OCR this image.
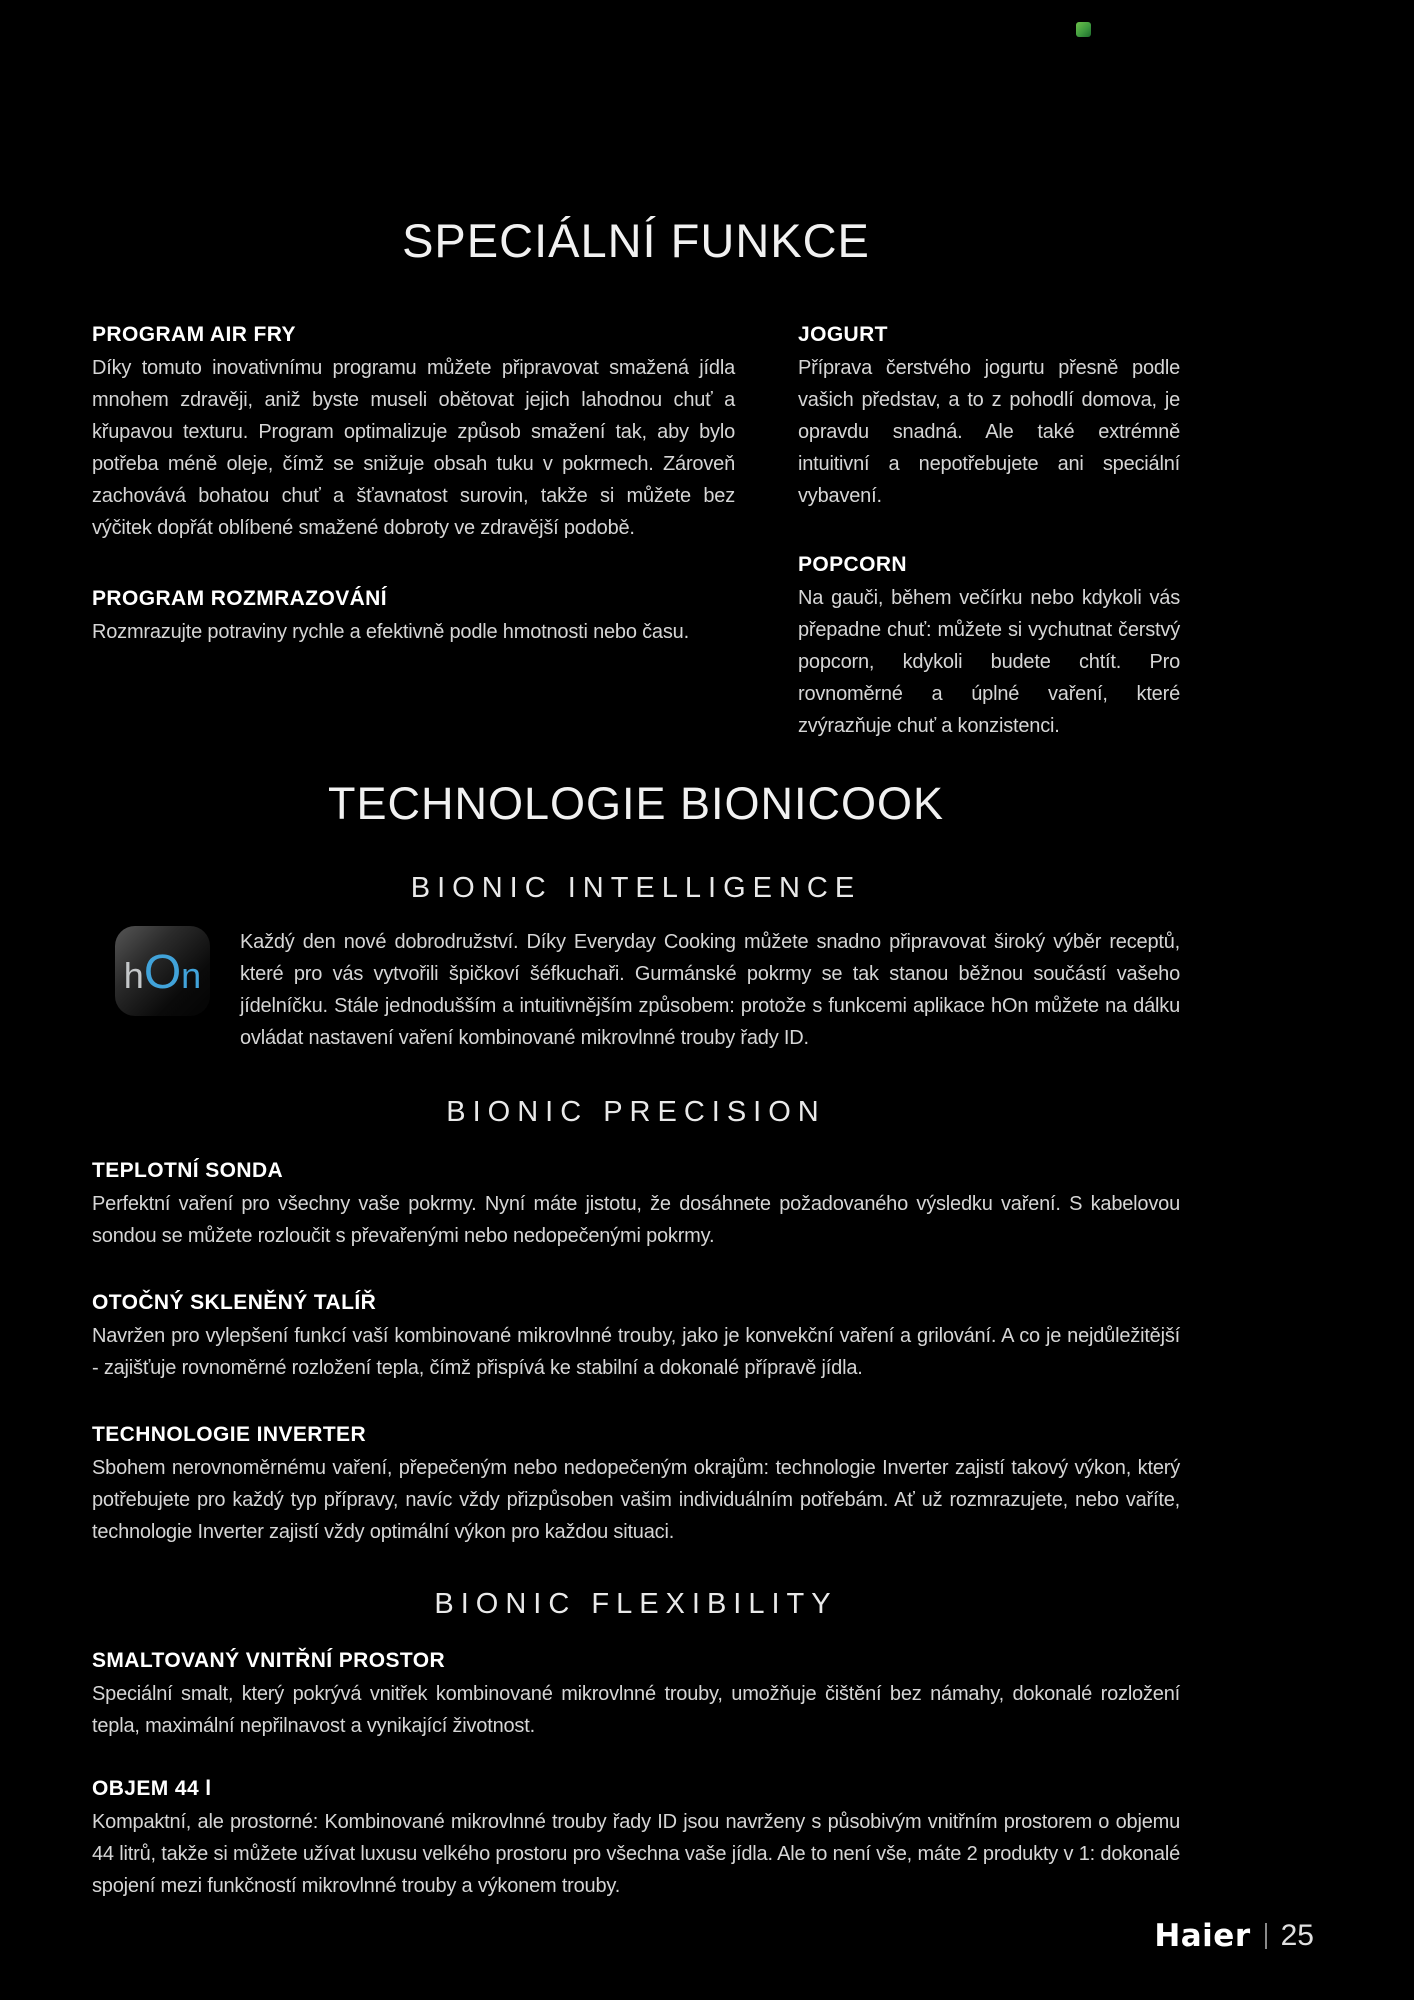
SPECIÁLNÍ FUNKCE
PROGRAM AIR FRY

Díky tomuto inovativnímu programu můžete připravovat smažená jídla mnohem zdravěji, aniž byste museli obětovat jejich lahodnou chuť a křupavou texturu. Program optimalizuje způsob smažení tak, aby bylo potřeba méně oleje, čímž se snižuje obsah tuku v pokrmech. Zároveň zachovává bohatou chuť a šťavnatost surovin, takže si můžete bez výčitek dopřát oblíbené smažené dobroty ve zdravější podobě.

PROGRAM ROZMRAZOVÁNÍ

Rozmrazujte potraviny rychle a efektivně podle hmotnosti nebo času.

JOGURT

Příprava čerstvého jogurtu přesně podle vašich představ, a to z pohodlí domova, je opravdu snadná. Ale také extrémně intuitivní a nepotřebujete ani speciální vybavení.

POPCORN

Na gauči, během večírku nebo kdykoli vás přepadne chuť: můžete si vychutnat čerstvý popcorn, kdykoli budete chtít. Pro rovnoměrné a úplné vaření, které zvýrazňuje chuť a konzistenci.

TECHNOLOGIE BIONICOOK
BIONIC INTELLIGENCE
h O n

Každý den nové dobrodružství. Díky Everyday Cooking můžete snadno připravovat široký výběr receptů, které pro vás vytvořili špičkoví šéfkuchaři. Gurmánské pokrmy se tak stanou běžnou součástí vašeho jídelníčku. Stále jednodušším a intuitivnějším způsobem: protože s funkcemi aplikace hOn můžete na dálku ovládat nastavení vaření kombinované mikrovlnné trouby řady ID.

BIONIC PRECISION
TEPLOTNÍ SONDA

Perfektní vaření pro všechny vaše pokrmy. Nyní máte jistotu, že dosáhnete požadovaného výsledku vaření. S kabelovou sondou se můžete rozloučit s převařenými nebo nedopečenými pokrmy.

OTOČNÝ SKLENĚNÝ TALÍŘ

Navržen pro vylepšení funkcí vaší kombinované mikrovlnné trouby, jako je konvekční vaření a grilování. A co je nejdůležitější - zajišťuje rovnoměrné rozložení tepla, čímž přispívá ke stabilní a dokonalé přípravě jídla.

TECHNOLOGIE INVERTER

Sbohem nerovnoměrnému vaření, přepečeným nebo nedopečeným okrajům: technologie Inverter zajistí takový výkon, který potřebujete pro každý typ přípravy, navíc vždy přizpůsoben vašim individuálním potřebám. Ať už rozmrazujete, nebo vaříte, technologie Inverter zajistí vždy optimální výkon pro každou situaci.

BIONIC FLEXIBILITY
SMALTOVANÝ VNITŘNÍ PROSTOR

Speciální smalt, který pokrývá vnitřek kombinované mikrovlnné trouby, umožňuje čištění bez námahy, dokonalé rozložení tepla, maximální nepřilnavost a vynikající životnost.

OBJEM 44 l

Kompaktní, ale prostorné: Kombinované mikrovlnné trouby řady ID jsou navrženy s působivým vnitřním prostorem o objemu 44 litrů, takže si můžete užívat luxusu velkého prostoru pro všechna vaše jídla. Ale to není vše, máte 2 produkty v 1: dokonalé spojení mezi funkčností mikrovlnné trouby a výkonem trouby.

Haier 25
